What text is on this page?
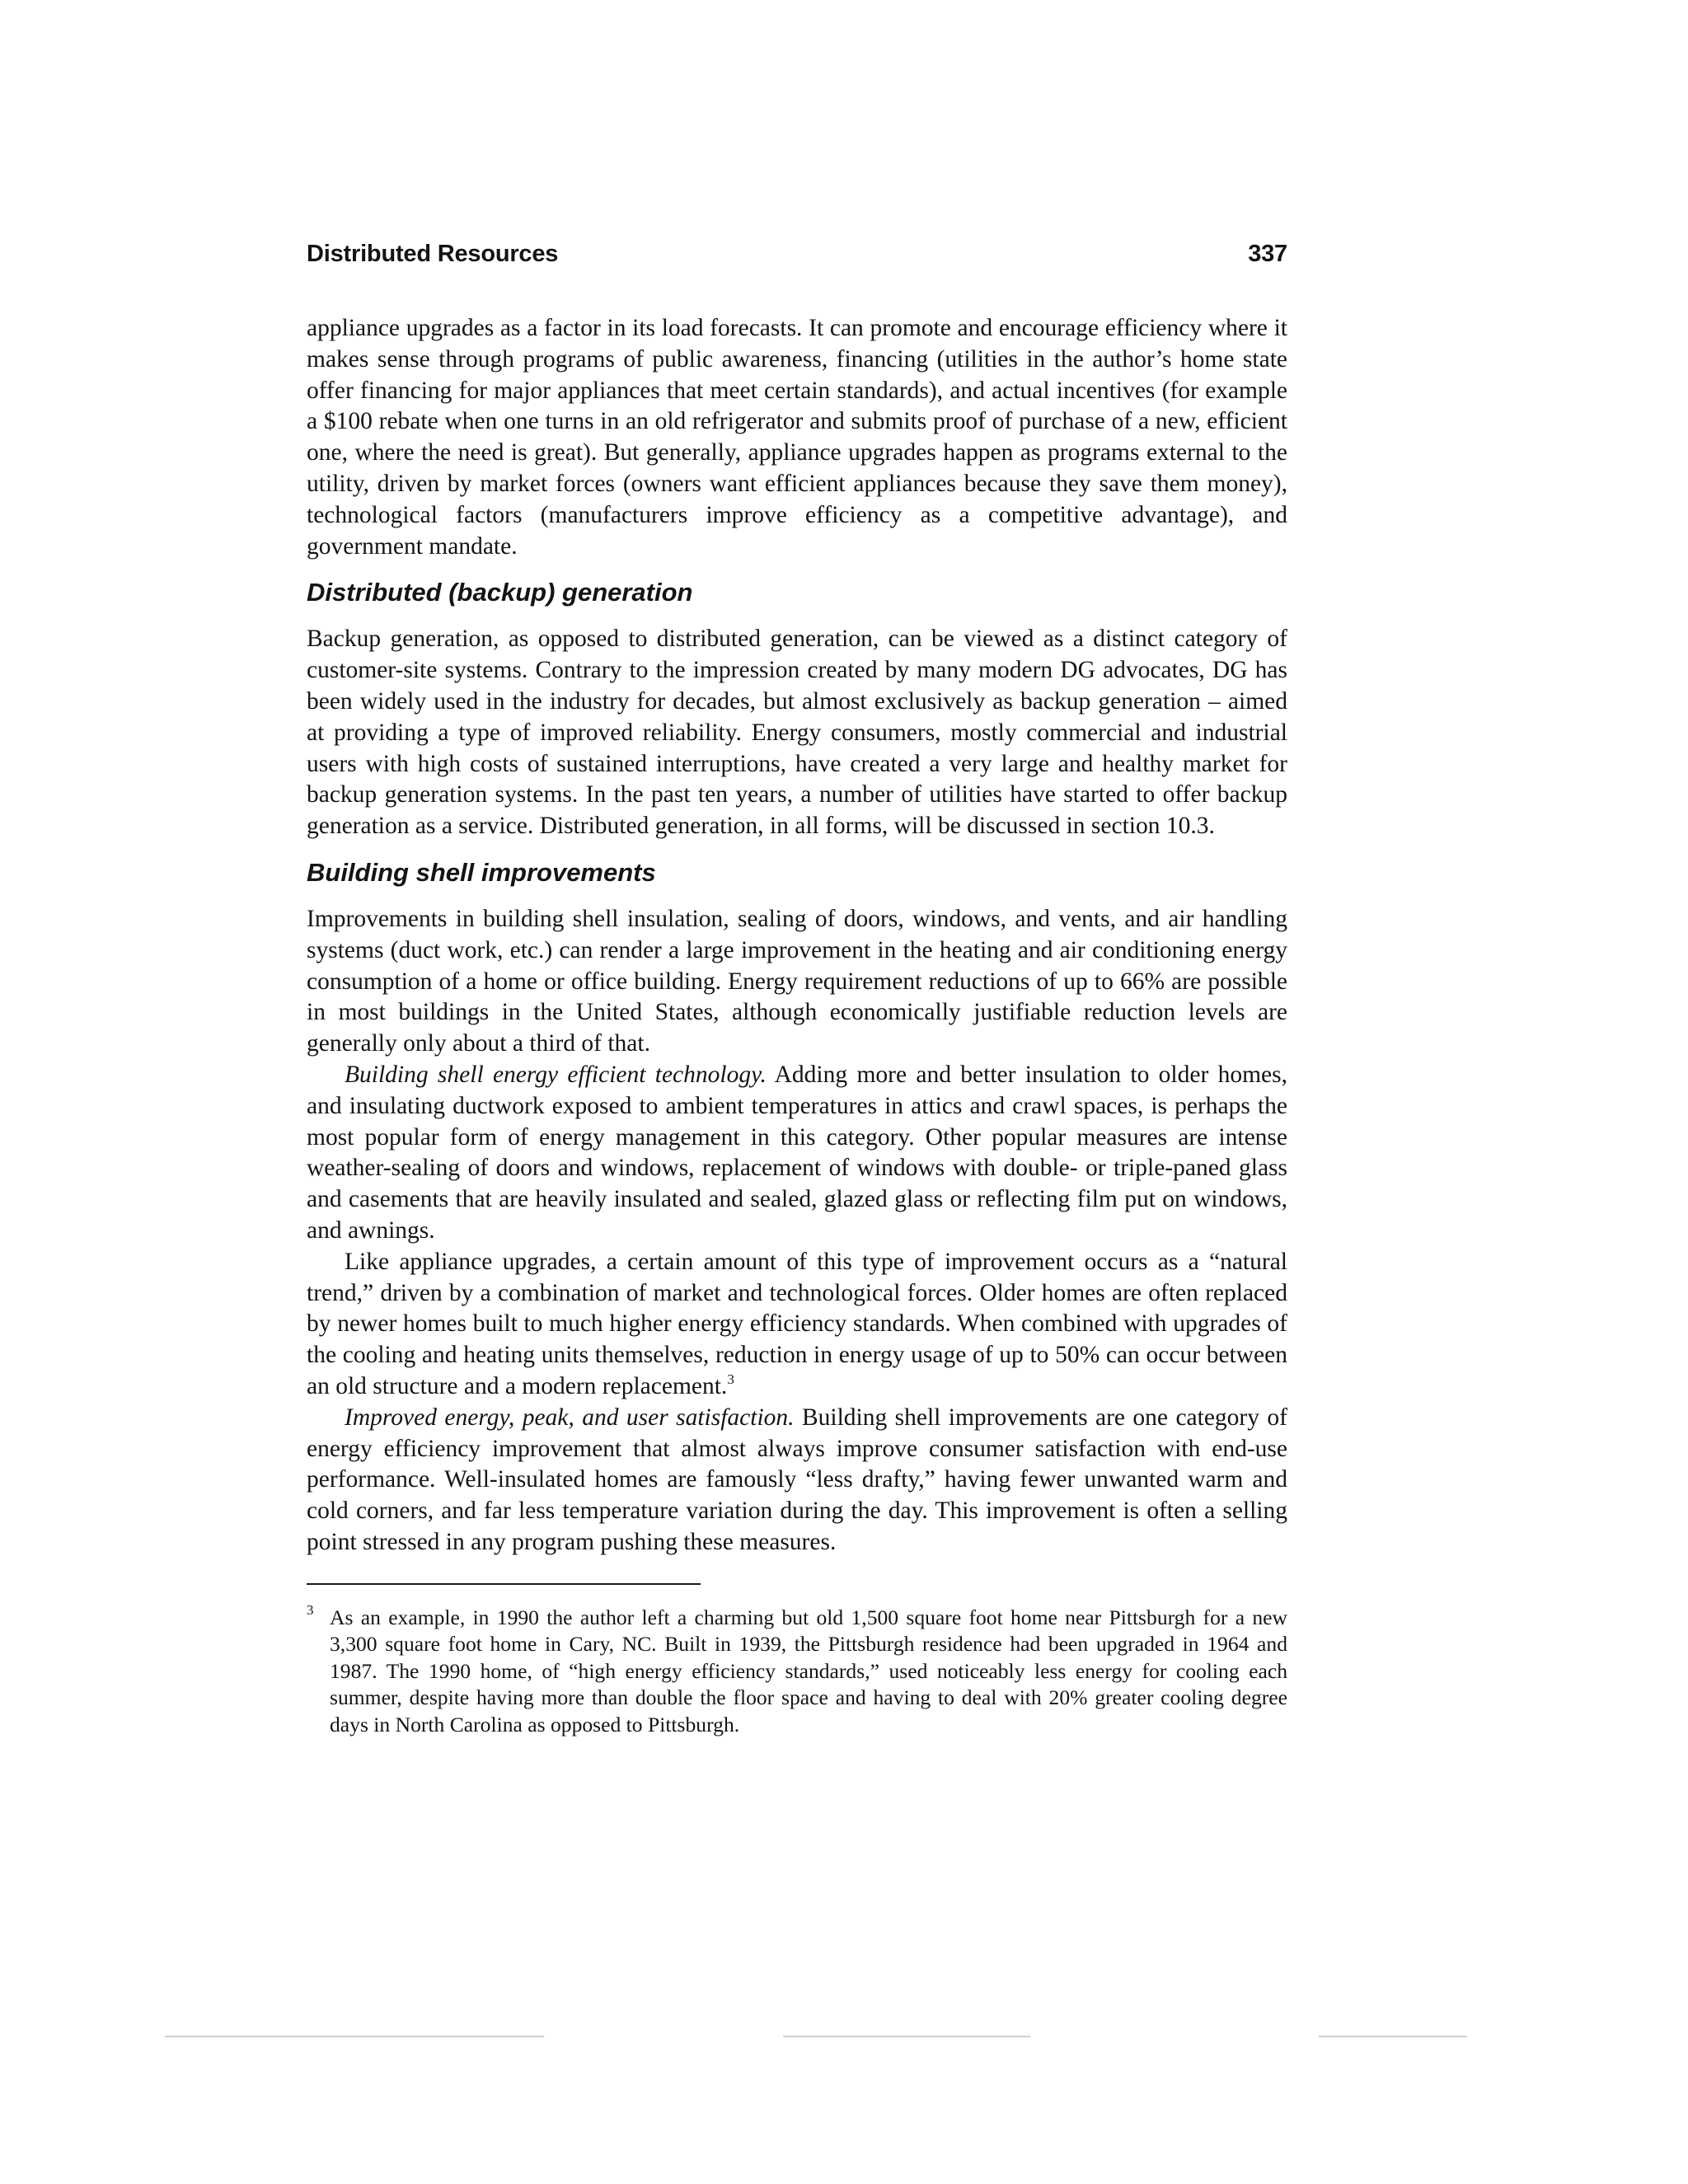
Distributed Resources	337

appliance upgrades as a factor in its load forecasts. It can promote and encourage efficiency where it makes sense through programs of public awareness, financing (utilities in the author’s home state offer financing for major appliances that meet certain standards), and actual incentives (for example a $100 rebate when one turns in an old refrigerator and submits proof of purchase of a new, efficient one, where the need is great). But generally, appliance upgrades happen as programs external to the utility, driven by market forces (owners want efficient appliances because they save them money), technological factors (manufacturers improve efficiency as a competitive advantage), and government mandate.

Distributed (backup) generation

Backup generation, as opposed to distributed generation, can be viewed as a distinct category of customer-site systems. Contrary to the impression created by many modern DG advocates, DG has been widely used in the industry for decades, but almost exclusively as backup generation – aimed at providing a type of improved reliability. Energy consumers, mostly commercial and industrial users with high costs of sustained interruptions, have created a very large and healthy market for backup generation systems. In the past ten years, a number of utilities have started to offer backup generation as a service. Distributed generation, in all forms, will be discussed in section 10.3.

Building shell improvements

Improvements in building shell insulation, sealing of doors, windows, and vents, and air handling systems (duct work, etc.) can render a large improvement in the heating and air conditioning energy consumption of a home or office building. Energy requirement reductions of up to 66% are possible in most buildings in the United States, although economically justifiable reduction levels are generally only about a third of that.

Building shell energy efficient technology. Adding more and better insulation to older homes, and insulating ductwork exposed to ambient temperatures in attics and crawl spaces, is perhaps the most popular form of energy management in this category. Other popular measures are intense weather-sealing of doors and windows, replacement of windows with double- or triple-paned glass and casements that are heavily insulated and sealed, glazed glass or reflecting film put on windows, and awnings.

Like appliance upgrades, a certain amount of this type of improvement occurs as a “natural trend,” driven by a combination of market and technological forces. Older homes are often replaced by newer homes built to much higher energy efficiency standards. When combined with upgrades of the cooling and heating units themselves, reduction in energy usage of up to 50% can occur between an old structure and a modern replacement.$^3$

Improved energy, peak, and user satisfaction. Building shell improvements are one category of energy efficiency improvement that almost always improve consumer satisfaction with end-use performance. Well-insulated homes are famously “less drafty,” having fewer unwanted warm and cold corners, and far less temperature variation during the day. This improvement is often a selling point stressed in any program pushing these measures.

$^3$ As an example, in 1990 the author left a charming but old 1,500 square foot home near Pittsburgh for a new 3,300 square foot home in Cary, NC. Built in 1939, the Pittsburgh residence had been upgraded in 1964 and 1987. The 1990 home, of “high energy efficiency standards,” used noticeably less energy for cooling each summer, despite having more than double the floor space and having to deal with 20% greater cooling degree days in North Carolina as opposed to Pittsburgh.
